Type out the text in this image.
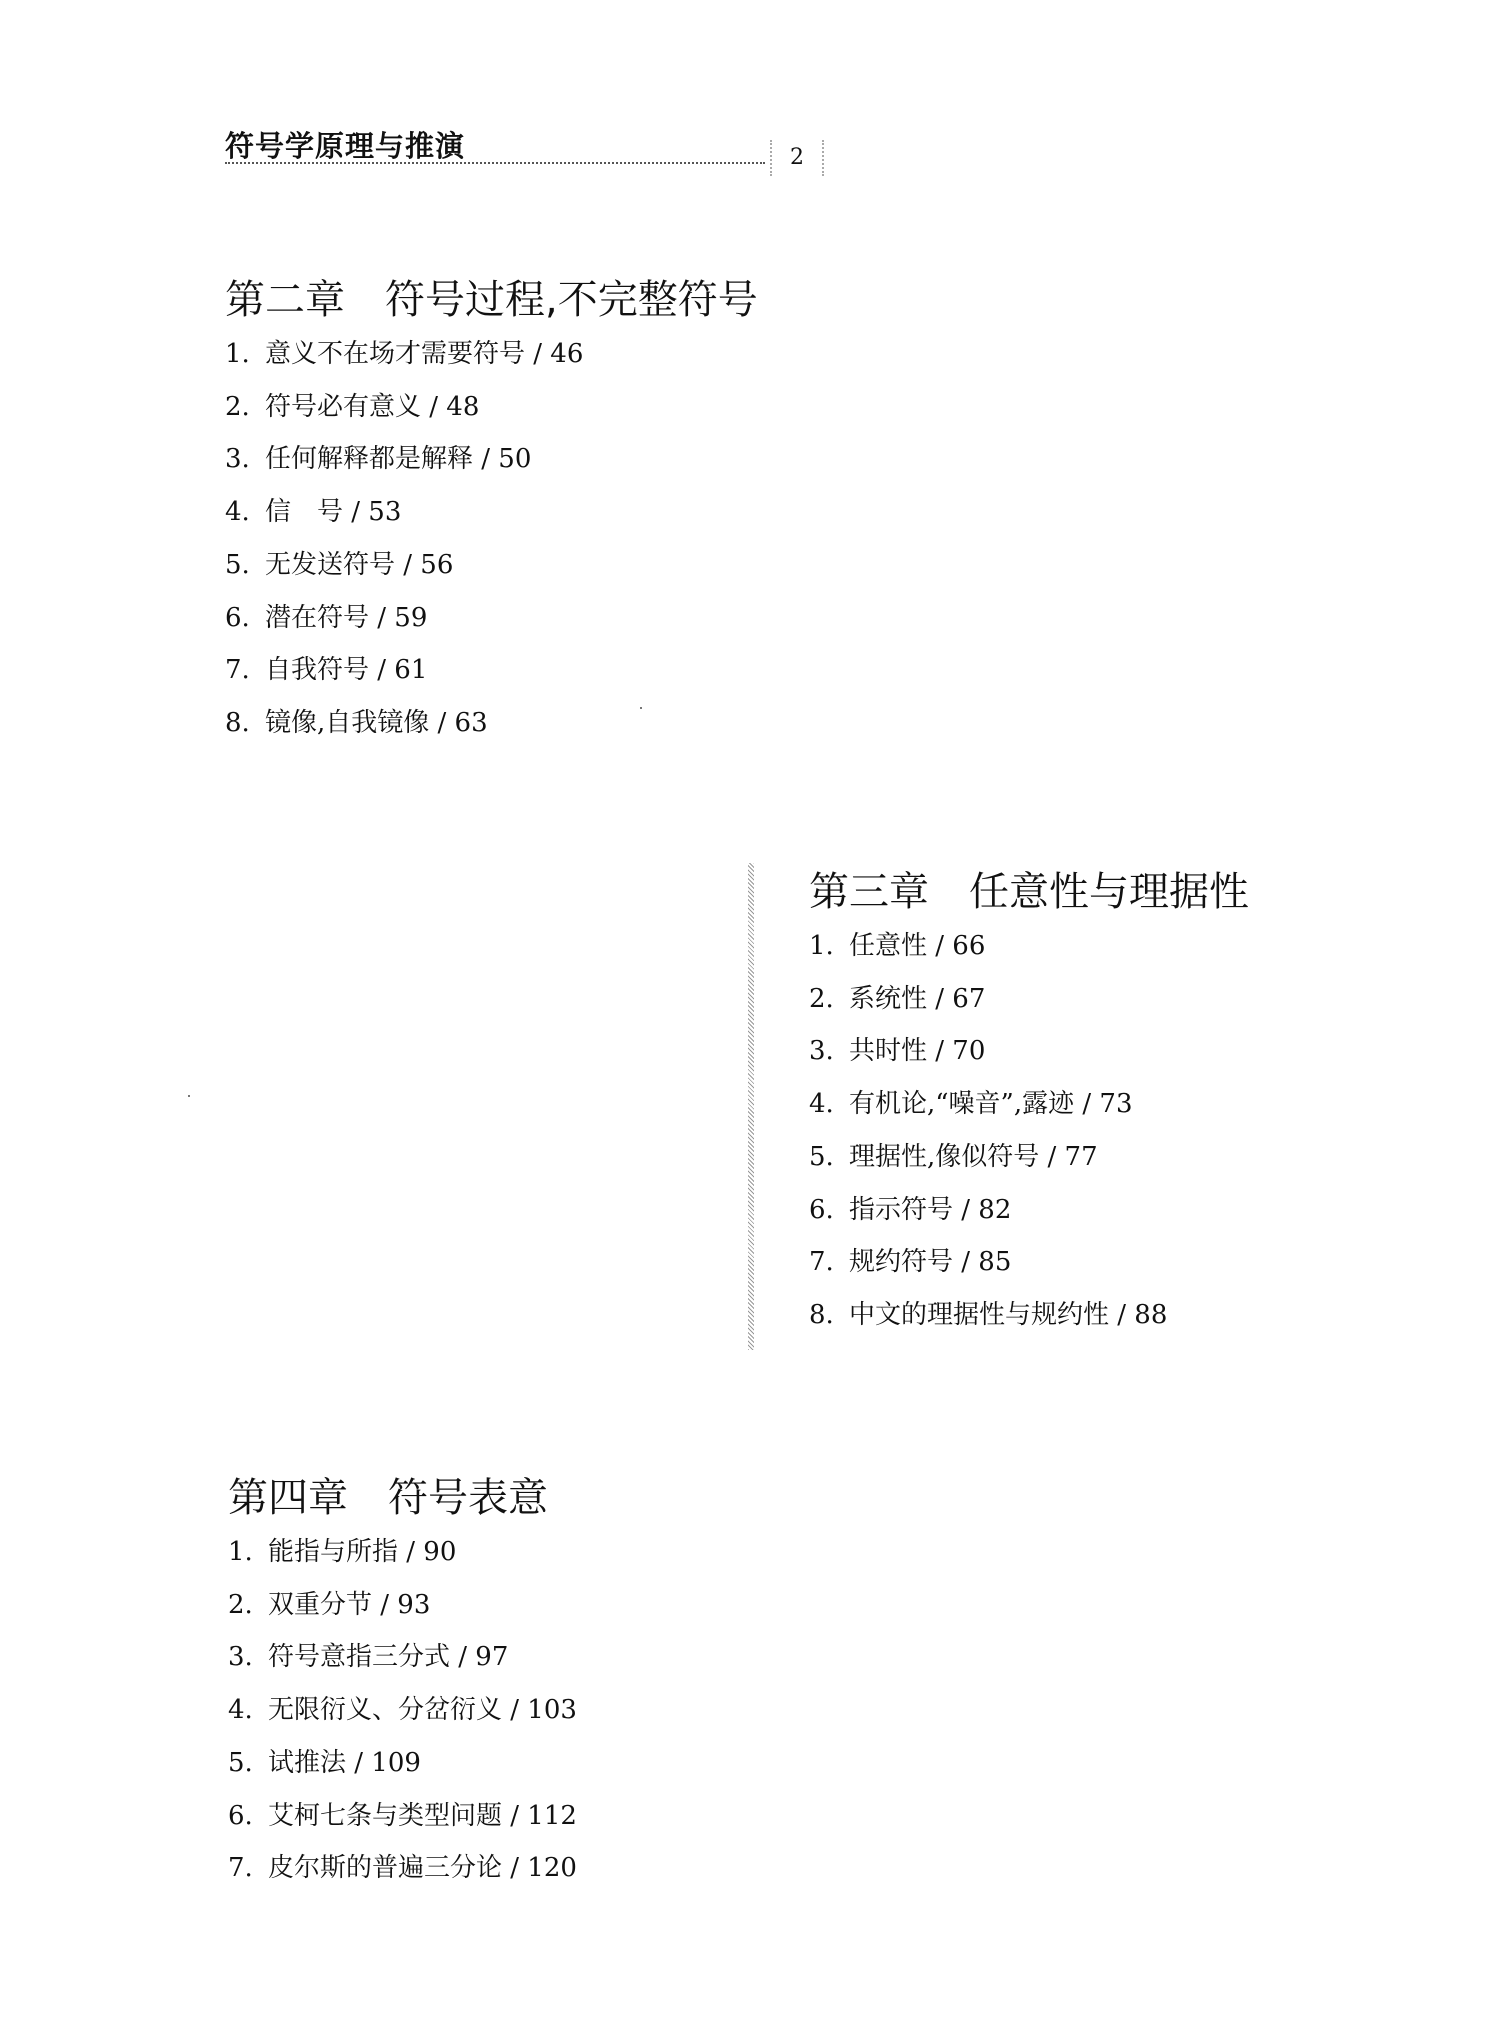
符号学原理与推演	2
第二章 符号过程,不完整符号
1. 意义不在场才需要符号 / 46
2. 符号必有意义 / 48
3. 任何解释都是解释 / 50
4. 信　号 / 53
5. 无发送符号 / 56
6. 潜在符号 / 59
7. 自我符号 / 61
8. 镜像,自我镜像 / 63
第三章 任意性与理据性
1. 任意性 / 66
2. 系统性 / 67
3. 共时性 / 70
4. 有机论,“噪音”,露迹 / 73
5. 理据性,像似符号 / 77
6. 指示符号 / 82
7. 规约符号 / 85
8. 中文的理据性与规约性 / 88
第四章 符号表意
1. 能指与所指 / 90
2. 双重分节 / 93
3. 符号意指三分式 / 97
4. 无限衍义、分岔衍义 / 103
5. 试推法 / 109
6. 艾柯七条与类型问题 / 112
7. 皮尔斯的普遍三分论 / 120
